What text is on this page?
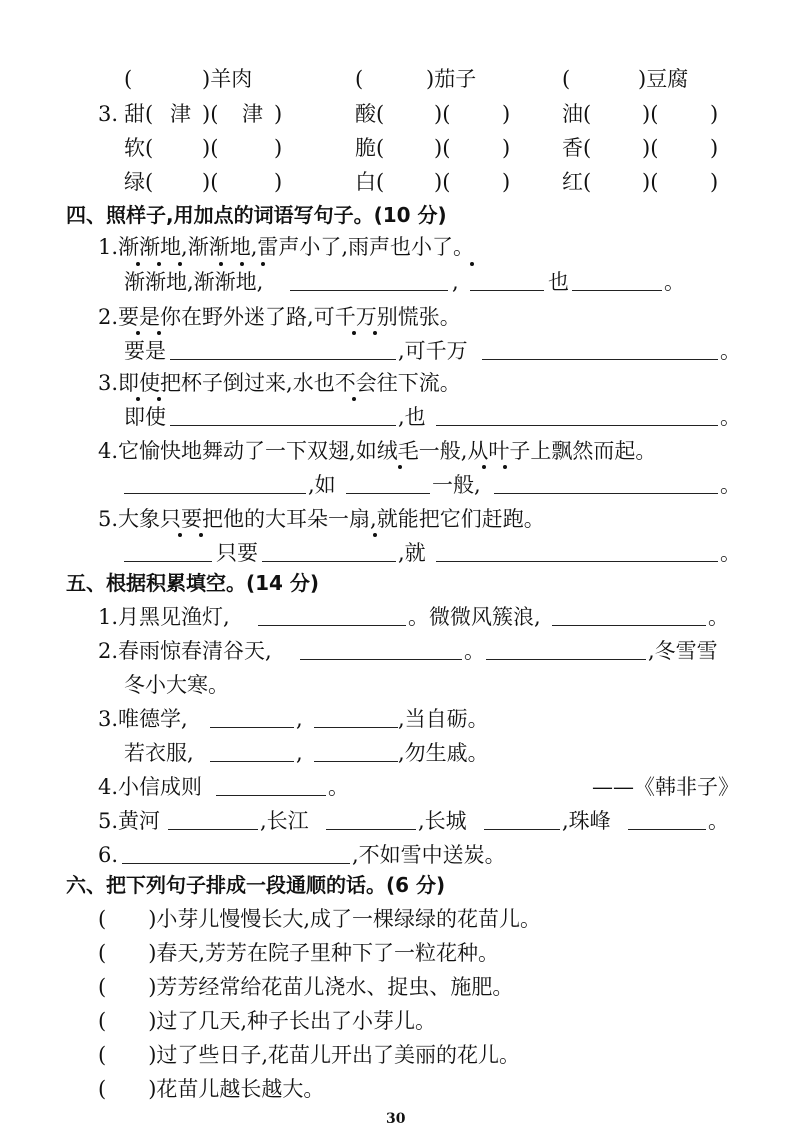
(	)羊肉	(	)茄子	(	)豆腐
3. 甜( 津 )( 津 )	酸( )( ) 油( )( )
软( )(	)	脆( )( ) 香( )( )
绿( )(	)	白( )( ) 红( )( )
四、照样子,用加点的词语写句子。(10 分)
1.渐渐地,渐渐地,雷声小了,雨声也小了。
渐渐地,渐渐地,	,	也	。
2.要是你在野外迷了路,可千万别慌张。
要是	,可千万	。
3.即使把杯子倒过来,水也不会往下流。
即使	,也	。
4.它愉快地舞动了一下双翅,如绒毛一般,从叶子上飘然而起。
,如	一般,	。
5.大象只要把他的大耳朵一扇,就能把它们赶跑。
只要	,就	。
五、根据积累填空。(14 分)
1.月黑见渔灯,	。微微风簇浪,	。
2.春雨惊春清谷天,	。	,冬雪雪
冬小大寒。
3.唯德学,	,	,当自砺。
若衣服,	,	,勿生戚。
4.小信成则	。	——《韩非子》
5.黄河	,长江	,长城	,珠峰	。
6.	,不如雪中送炭。
六、把下列句子排成一段通顺的话。(6 分)
(　　)小芽儿慢慢长大,成了一棵绿绿的花苗儿。
(　　)春天,芳芳在院子里种下了一粒花种。
(　　)芳芳经常给花苗儿浇水、捉虫、施肥。
(　　)过了几天,种子长出了小芽儿。
(　　)过了些日子,花苗儿开出了美丽的花儿。
(　　)花苗儿越长越大。
30
